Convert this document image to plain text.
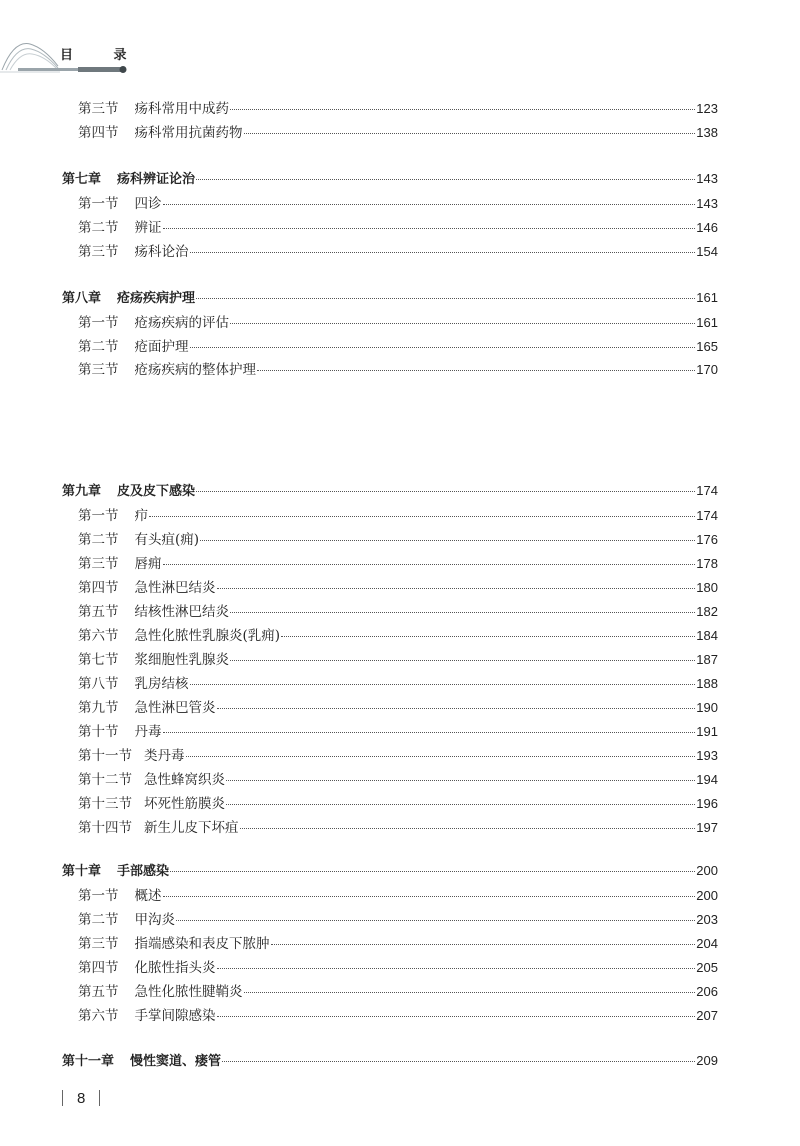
目 录
第三节 疡科常用中成药	123
第四节 疡科常用抗菌药物	138
第七章 疡科辨证论治	143
第一节 四诊	143
第二节 辨证	146
第三节 疡科论治	154
第八章 疮疡疾病护理	161
第一节 疮疡疾病的评估	161
第二节 疮面护理	165
第三节 疮疡疾病的整体护理	170
第九章 皮及皮下感染	174
第一节 疖	174
第二节 有头疽(痈)	176
第三节 唇痈	178
第四节 急性淋巴结炎	180
第五节 结核性淋巴结炎	182
第六节 急性化脓性乳腺炎(乳痈)	184
第七节 浆细胞性乳腺炎	187
第八节 乳房结核	188
第九节 急性淋巴管炎	190
第十节 丹毒	191
第十一节 类丹毒	193
第十二节 急性蜂窝织炎	194
第十三节 坏死性筋膜炎	196
第十四节 新生儿皮下坏疽	197
第十章 手部感染	200
第一节 概述	200
第二节 甲沟炎	203
第三节 指端感染和表皮下脓肿	204
第四节 化脓性指头炎	205
第五节 急性化脓性腱鞘炎	206
第六节 手掌间隙感染	207
第十一章 慢性窦道、瘘管	209
8
